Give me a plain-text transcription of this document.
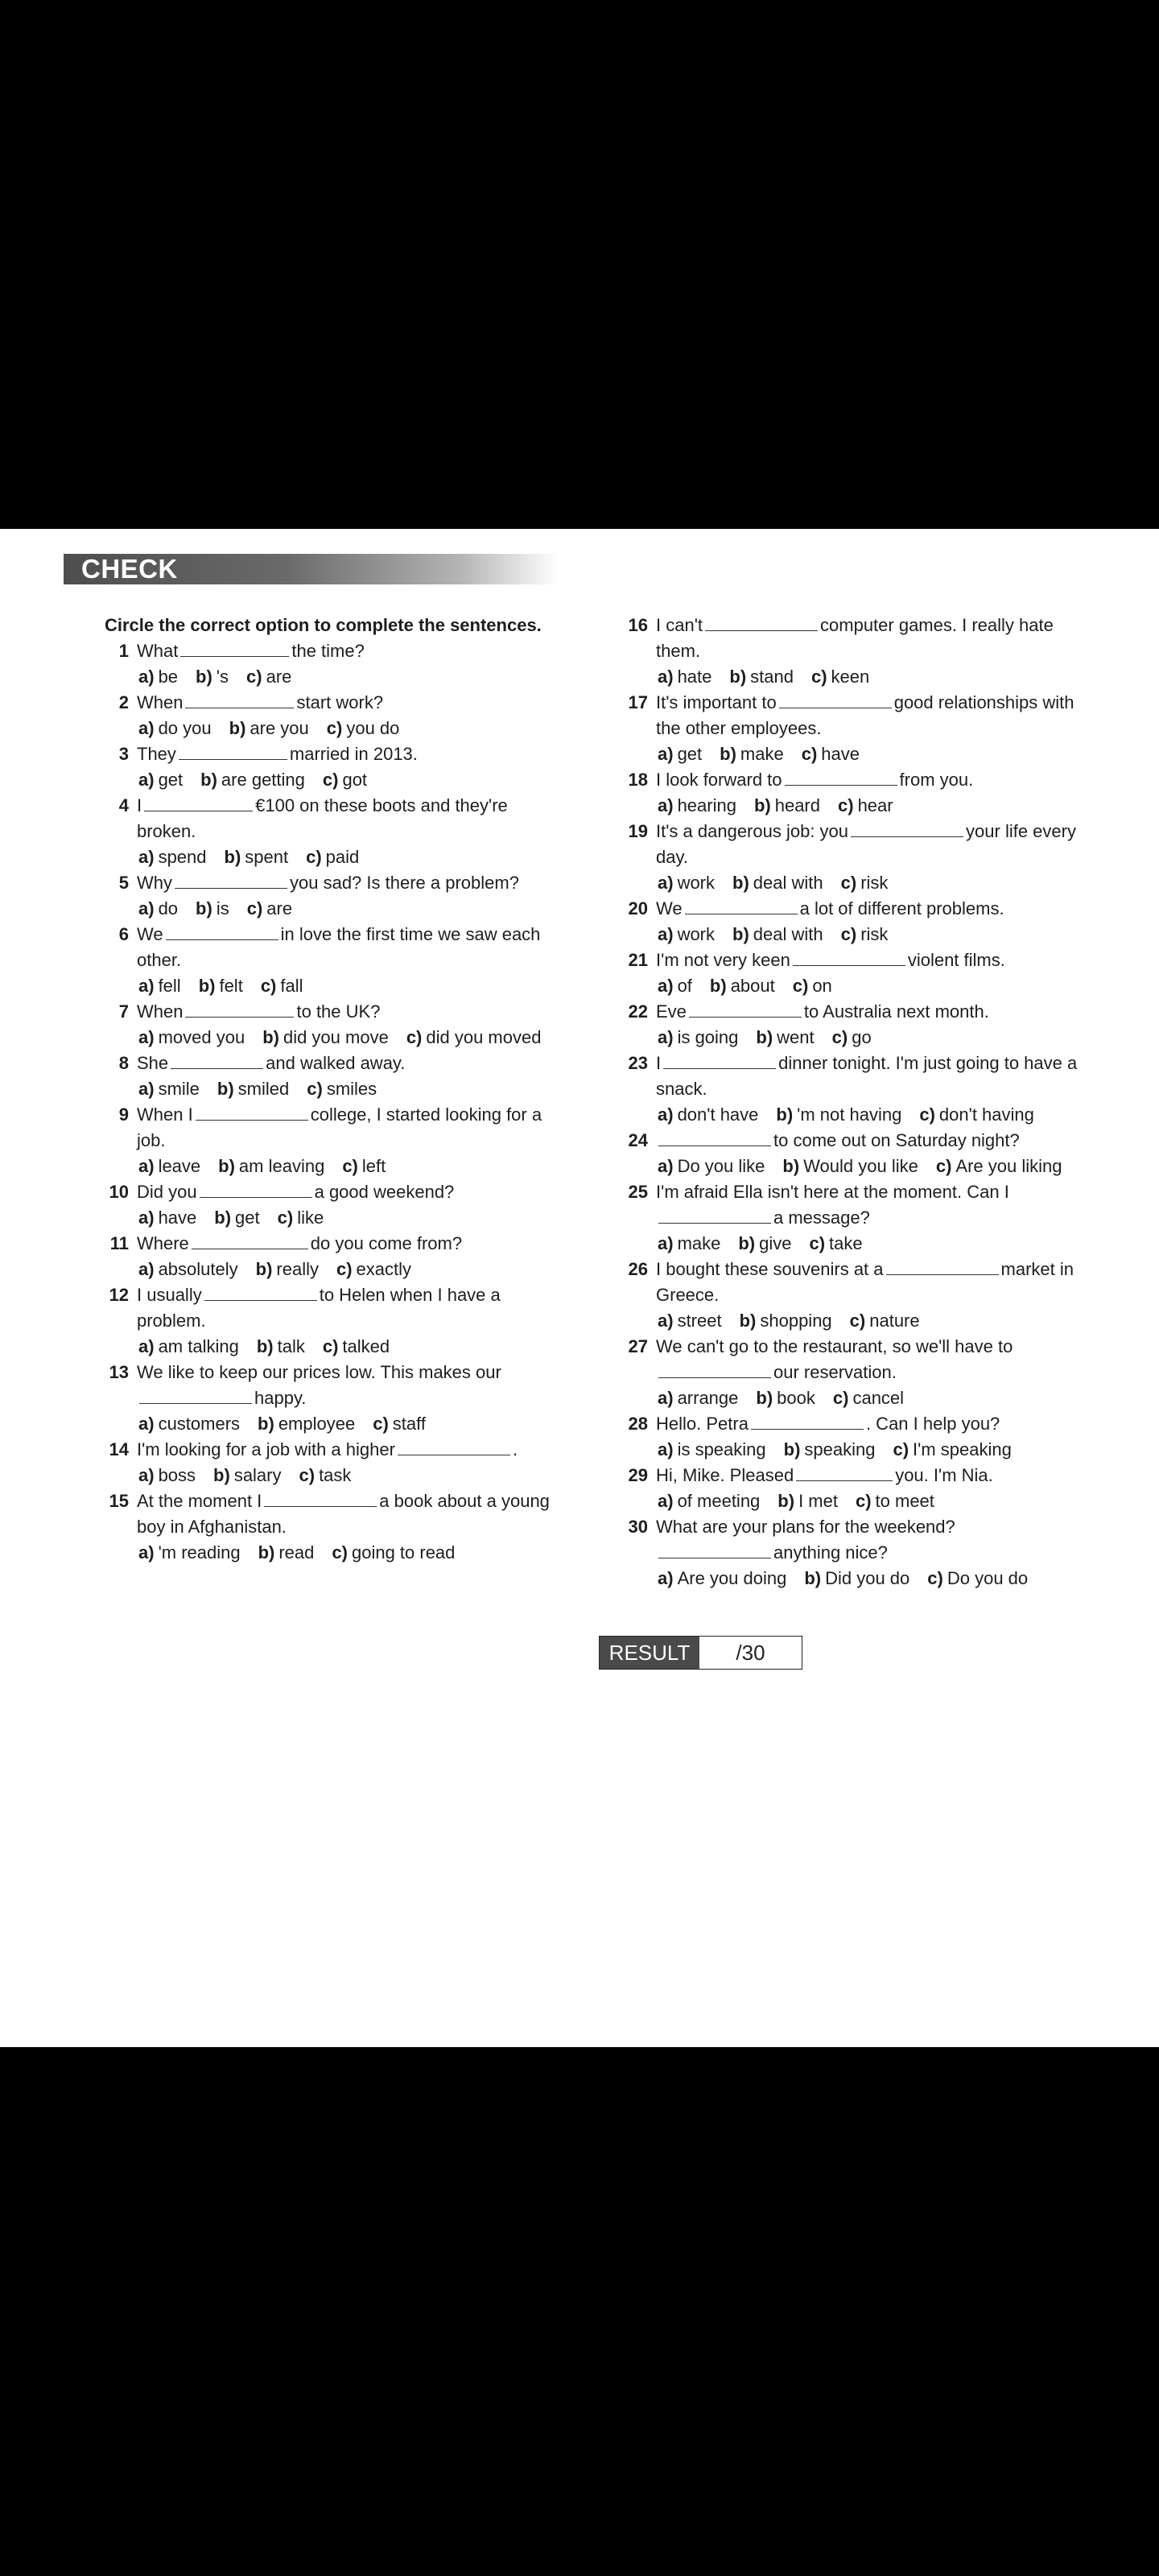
CHECK
Circle the correct option to complete the sentences.
1 What	the time?
a) be b) 's c) are
2 When	start work?
a) do you b) are you c) you do
3 They	married in 2013.
a) get b) are getting c) got
4 I	€100 on these boots and they're broken.
a) spend b) spent c) paid
5 Why	you sad? Is there a problem?
a) do b) is c) are
6 We	in love the first time we saw each other.
a) fell b) felt c) fall
7 When	to the UK?
a) moved you b) did you move c) did you moved
8 She	and walked away.
a) smile b) smiled c) smiles
9 When I	college, I started looking for a job.
a) leave b) am leaving c) left
10 Did you	a good weekend?
a) have b) get c) like
11 Where	do you come from?
a) absolutely b) really c) exactly
12 I usually	to Helen when I have a problem.
a) am talking b) talk c) talked
13 We like to keep our prices low. This makes our
happy.
a) customers b) employee c) staff
14 I'm looking for a job with a higher	.
a) boss b) salary c) task
15 At the moment I	a book about a young boy in Afghanistan.
a) 'm reading b) read c) going to read
16 I can't	computer games. I really hate them.
a) hate b) stand c) keen
17 It's important to	good relationships with the other employees.
a) get b) make c) have
18 I look forward to	from you.
a) hearing b) heard c) hear
19 It's a dangerous job: you	your life every day.
a) work b) deal with c) risk
20 We	a lot of different problems.
a) work b) deal with c) risk
21 I'm not very keen	violent films.
a) of b) about c) on
22 Eve	to Australia next month.
a) is going b) went c) go
23 I	dinner tonight. I'm just going to have a snack.
a) don't have b) 'm not having c) don't having
24	to come out on Saturday night?
a) Do you like b) Would you like c) Are you liking
25 I'm afraid Ella isn't here at the moment. Can Ia message?
a) make b) give c) take
26 I bought these souvenirs at a	market in Greece.
a) street b) shopping c) nature
27 We can't go to the restaurant, so we'll have toour reservation.
a) arrange b) book c) cancel
28 Hello. Petra	. Can I help you?
a) is speaking b) speaking c) I'm speaking
29 Hi, Mike. Pleased	you. I'm Nia.
a) of meeting b) I met c) to meet
30 What are your plans for the weekend?
anything nice?
a) Are you doing b) Did you do c) Do you do
RESULT	/30
